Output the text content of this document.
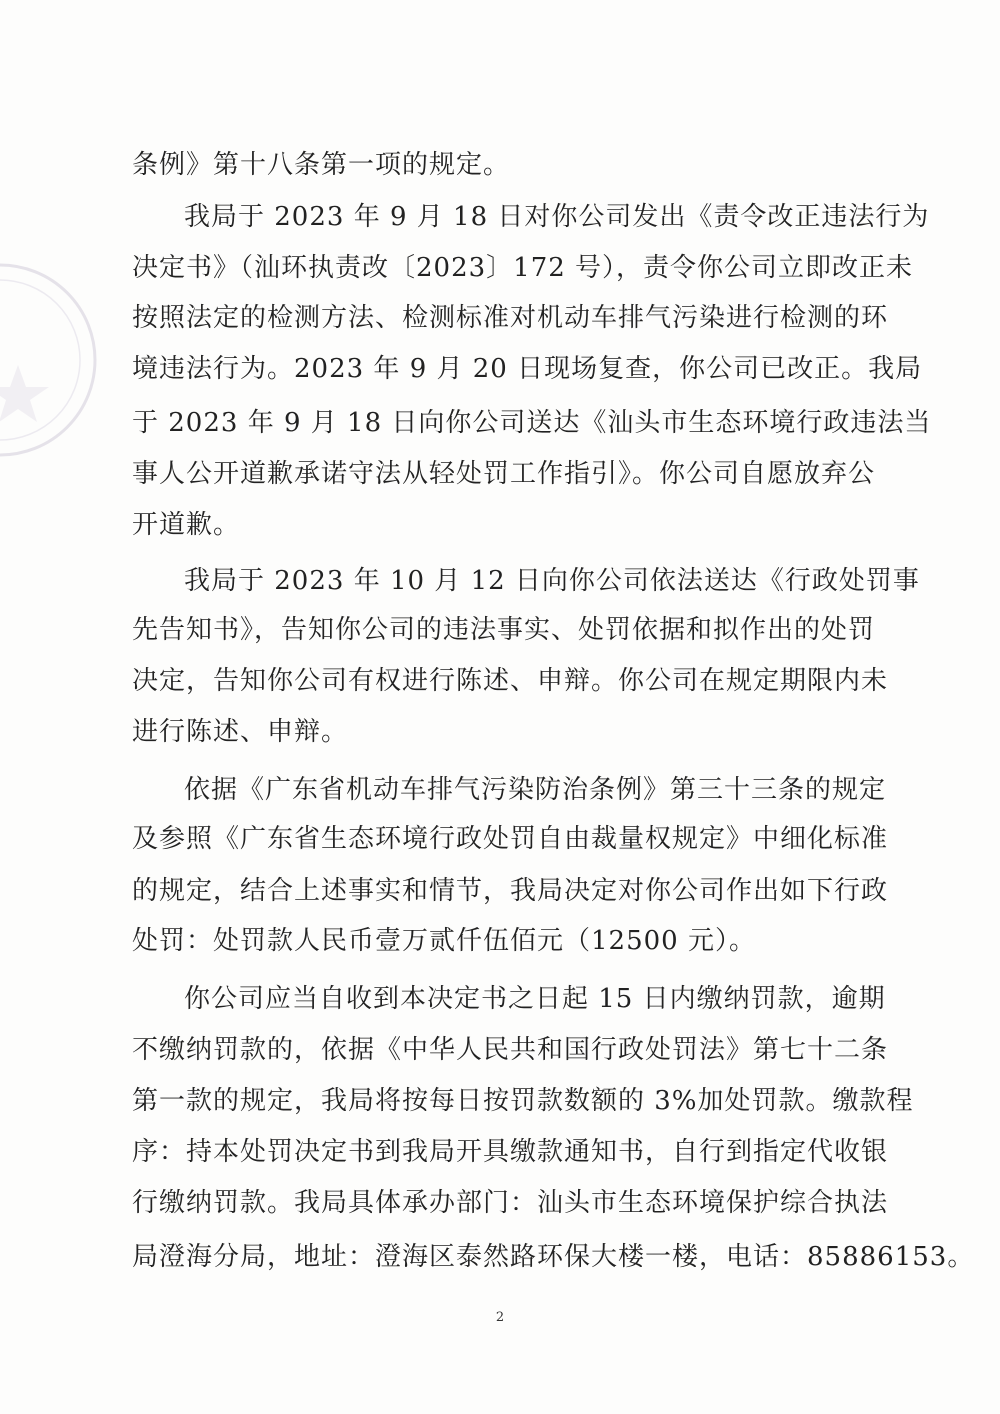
条例》第十八条第一项的规定。
我局于 2023 年 9 月 18 日对你公司发出《责令改正违法行为
决定书》（汕环执责改〔2023〕172 号），责令你公司立即改正未
按照法定的检测方法、检测标准对机动车排气污染进行检测的环
境违法行为。2023 年 9 月 20 日现场复查，你公司已改正。我局
于 2023 年 9 月 18 日向你公司送达《汕头市生态环境行政违法当
事人公开道歉承诺守法从轻处罚工作指引》。你公司自愿放弃公
开道歉。
我局于 2023 年 10 月 12 日向你公司依法送达《行政处罚事
先告知书》，告知你公司的违法事实、处罚依据和拟作出的处罚
决定，告知你公司有权进行陈述、申辩。你公司在规定期限内未
进行陈述、申辩。
依据《广东省机动车排气污染防治条例》第三十三条的规定
及参照《广东省生态环境行政处罚自由裁量权规定》中细化标准
的规定，结合上述事实和情节，我局决定对你公司作出如下行政
处罚：处罚款人民币壹万贰仟伍佰元（12500 元）。
你公司应当自收到本决定书之日起 15 日内缴纳罚款，逾期
不缴纳罚款的，依据《中华人民共和国行政处罚法》第七十二条
第一款的规定，我局将按每日按罚款数额的 3%加处罚款。缴款程
序：持本处罚决定书到我局开具缴款通知书，自行到指定代收银
行缴纳罚款。我局具体承办部门：汕头市生态环境保护综合执法
局澄海分局，地址：澄海区泰然路环保大楼一楼，电话：85886153。
2
